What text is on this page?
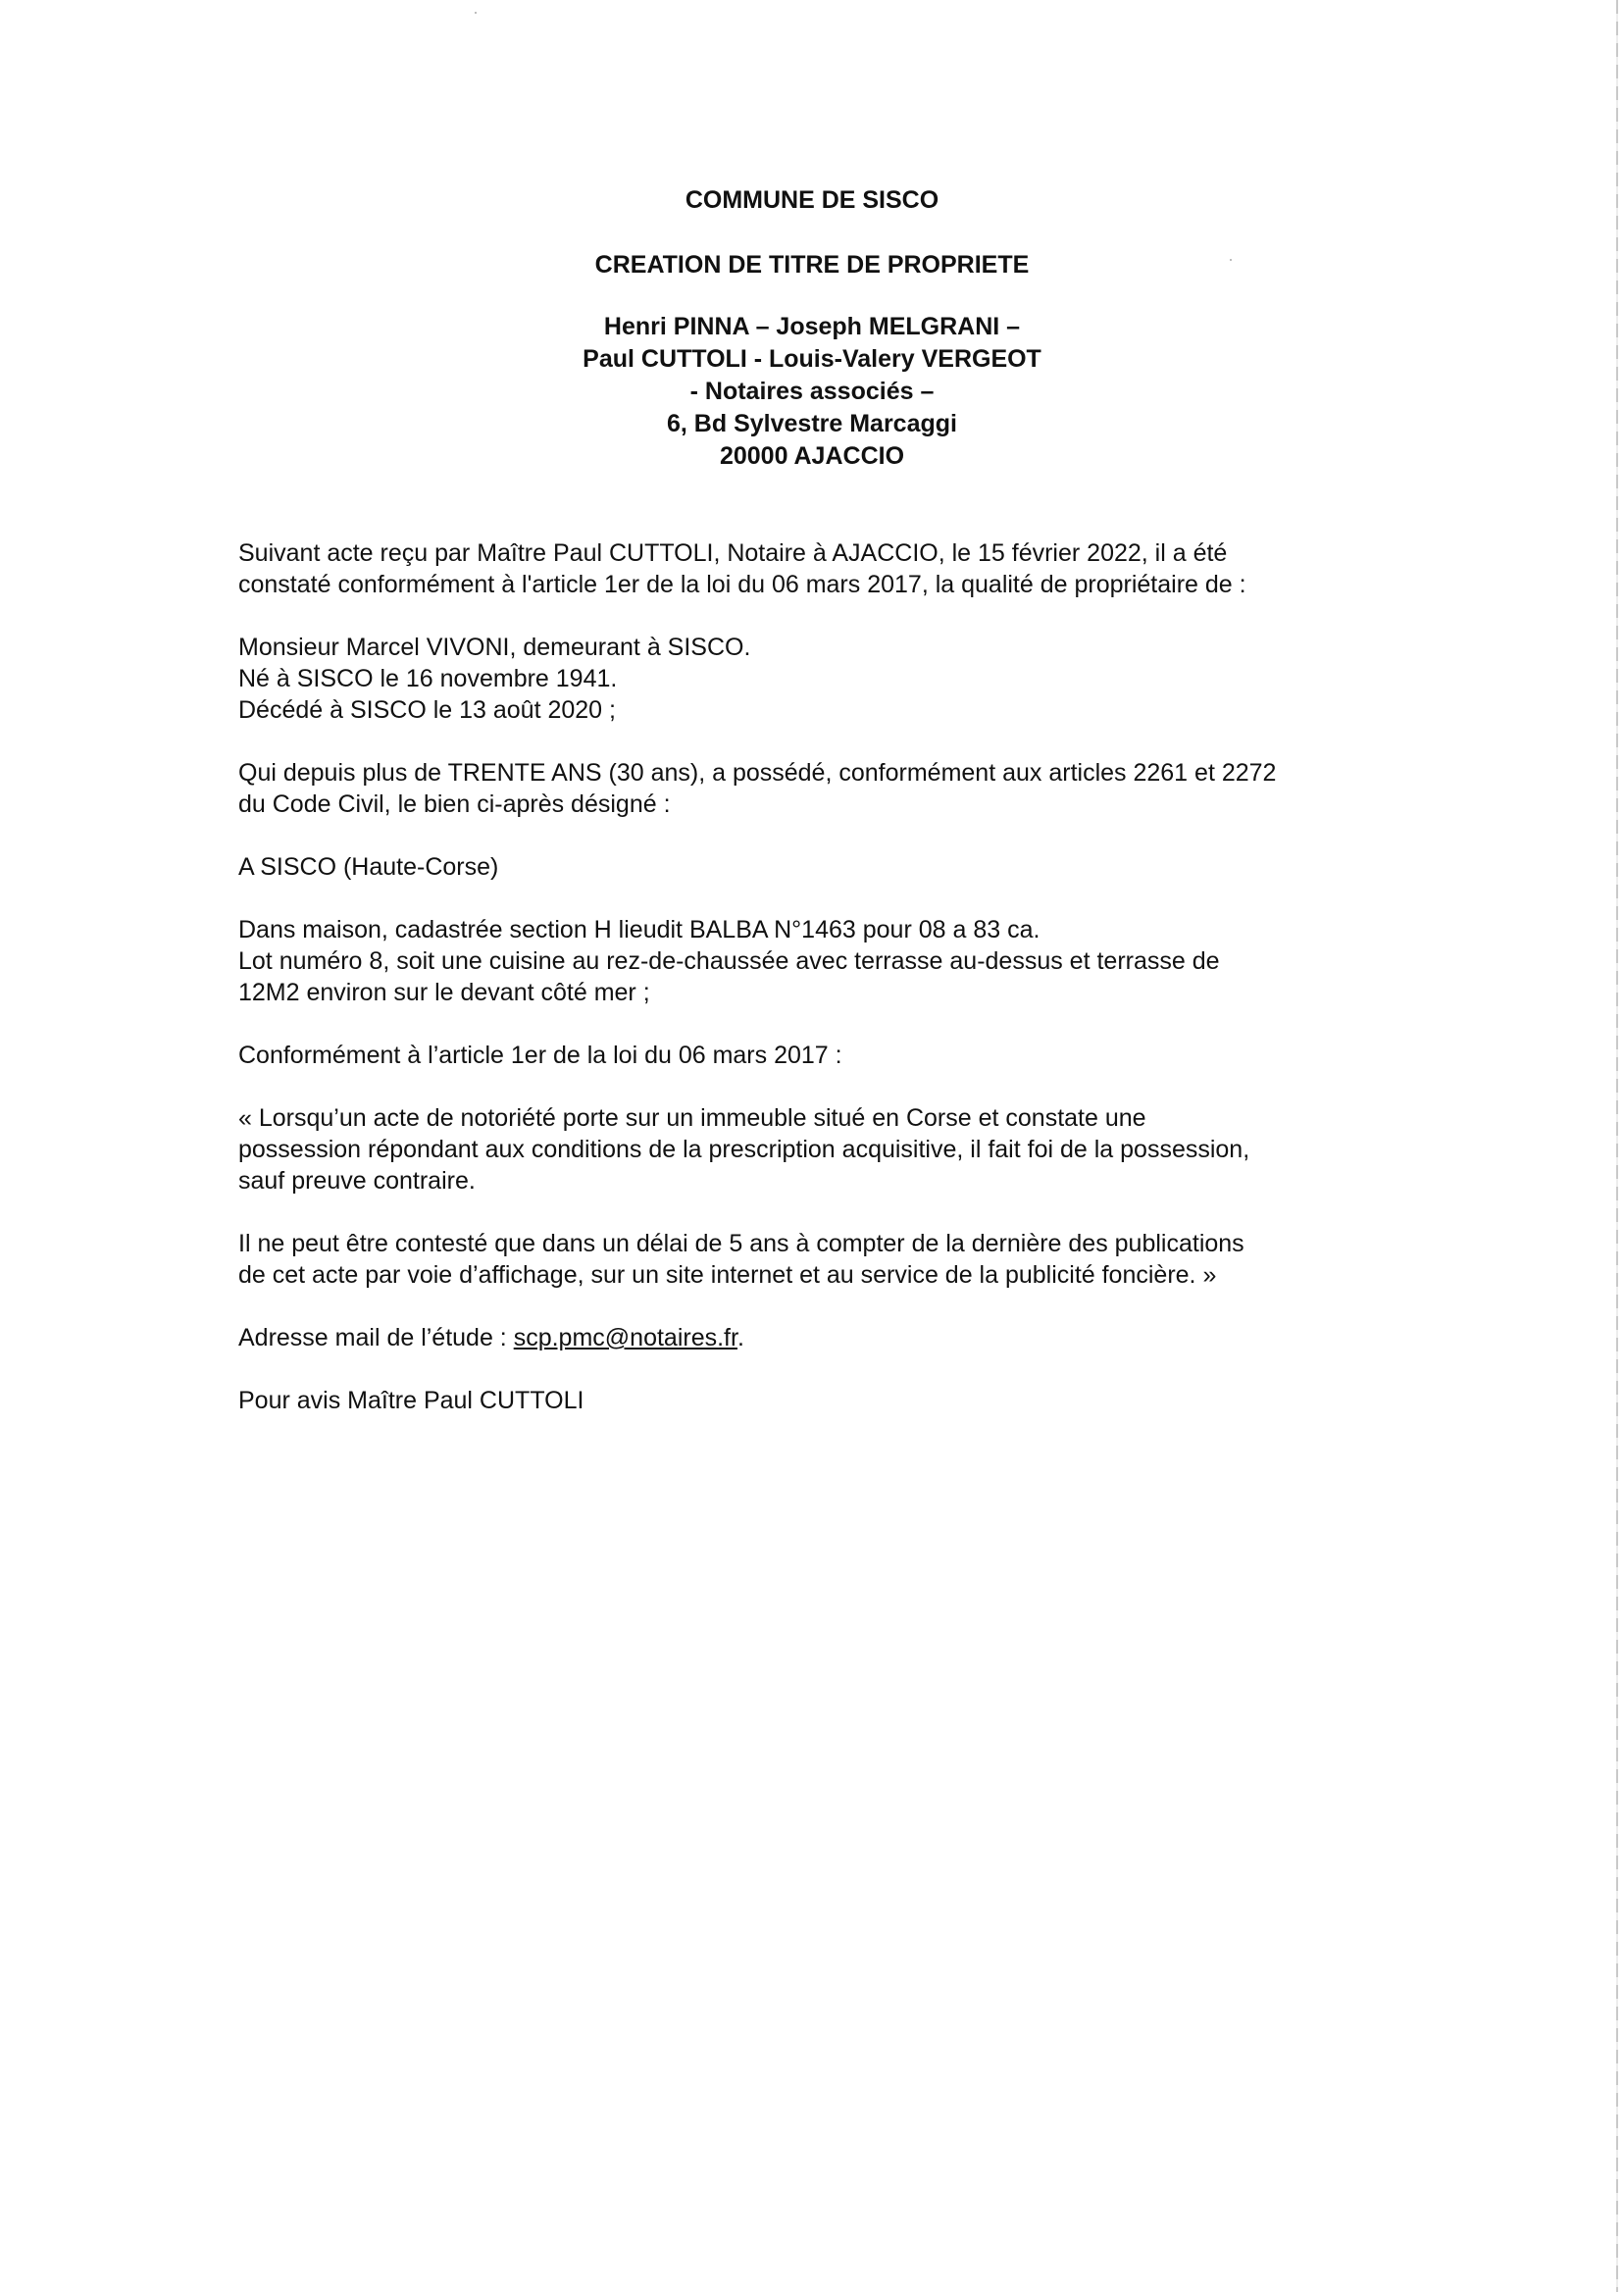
COMMUNE DE SISCO
CREATION DE TITRE DE PROPRIETE
Henri PINNA – Joseph MELGRANI –
Paul CUTTOLI - Louis-Valery VERGEOT
- Notaires associés –
6, Bd Sylvestre Marcaggi
20000 AJACCIO

Suivant acte reçu par Maître Paul CUTTOLI, Notaire à AJACCIO, le 15 février 2022, il a été
constaté conformément à l'article 1er de la loi du 06 mars 2017, la qualité de propriétaire de :

Monsieur Marcel VIVONI, demeurant à SISCO.
Né à SISCO le 16 novembre 1941.
Décédé à SISCO le 13 août 2020 ;

Qui depuis plus de TRENTE ANS (30 ans), a possédé, conformément aux articles 2261 et 2272
du Code Civil, le bien ci-après désigné :

A SISCO (Haute-Corse)

Dans maison, cadastrée section H lieudit BALBA N°1463 pour 08 a 83 ca.
Lot numéro 8, soit une cuisine au rez-de-chaussée avec terrasse au-dessus et terrasse de
12M2 environ sur le devant côté mer ;

Conformément à l’article 1er de la loi du 06 mars 2017 :

« Lorsqu’un acte de notoriété porte sur un immeuble situé en Corse et constate une
possession répondant aux conditions de la prescription acquisitive, il fait foi de la possession,
sauf preuve contraire.

Il ne peut être contesté que dans un délai de 5 ans à compter de la dernière des publications
de cet acte par voie d’affichage, sur un site internet et au service de la publicité foncière. »

Adresse mail de l’étude : scp.pmc@notaires.fr.

Pour avis Maître Paul CUTTOLI
